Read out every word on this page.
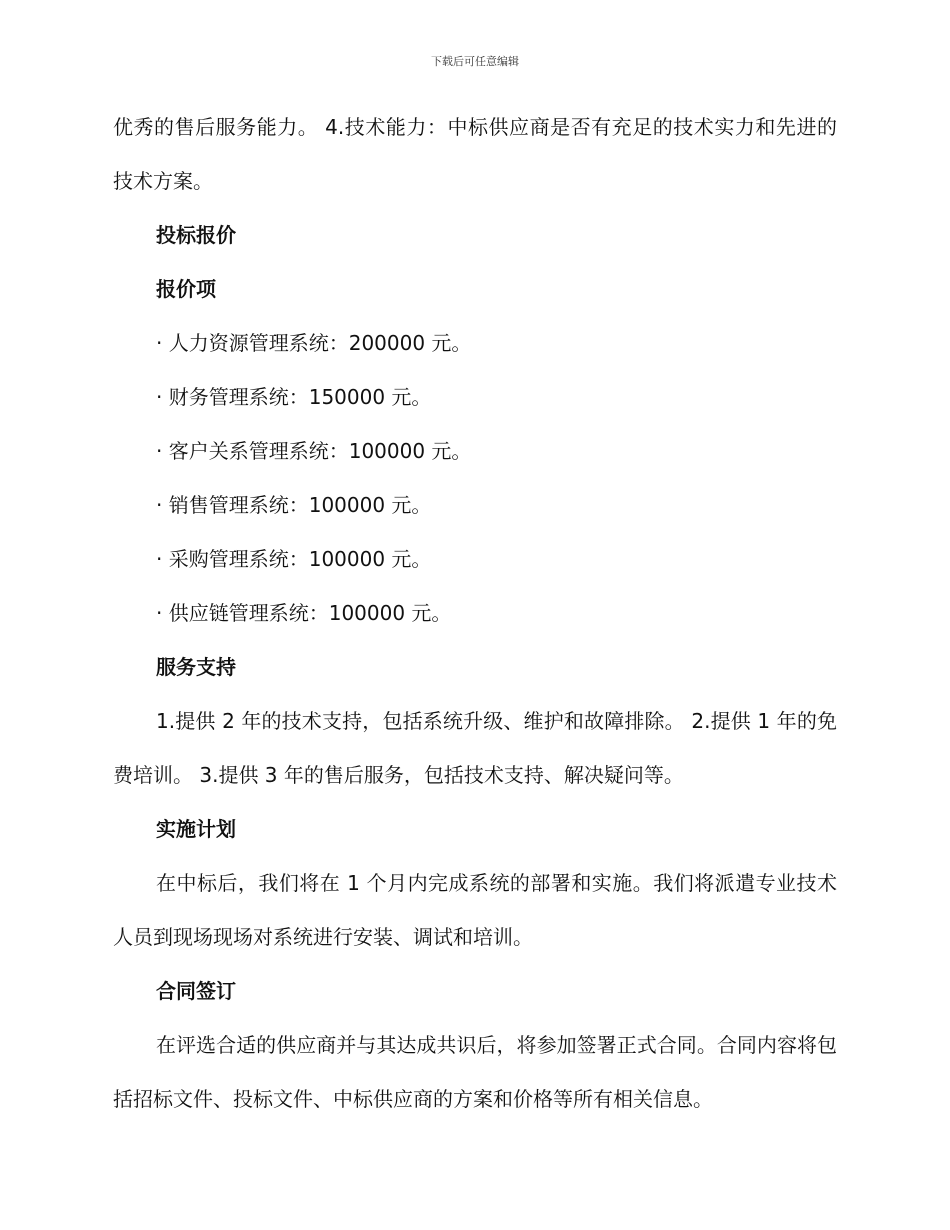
下载后可任意编辑

优秀的售后服务能力。 4.技术能力：中标供应商是否有充足的技术实力和先进的技术方案。

投标报价
报价项
· 人力资源管理系统：200000 元。
· 财务管理系统：150000 元。
· 客户关系管理系统：100000 元。
· 销售管理系统：100000 元。
· 采购管理系统：100000 元。
· 供应链管理系统：100000 元。
服务支持

1.提供 2 年的技术支持，包括系统升级、维护和故障排除。 2.提供 1 年的免费培训。 3.提供 3 年的售后服务，包括技术支持、解决疑问等。

实施计划

在中标后，我们将在 1 个月内完成系统的部署和实施。我们将派遣专业技术人员到现场现场对系统进行安装、调试和培训。

合同签订

在评选合适的供应商并与其达成共识后，将参加签署正式合同。合同内容将包括招标文件、投标文件、中标供应商的方案和价格等所有相关信息。
